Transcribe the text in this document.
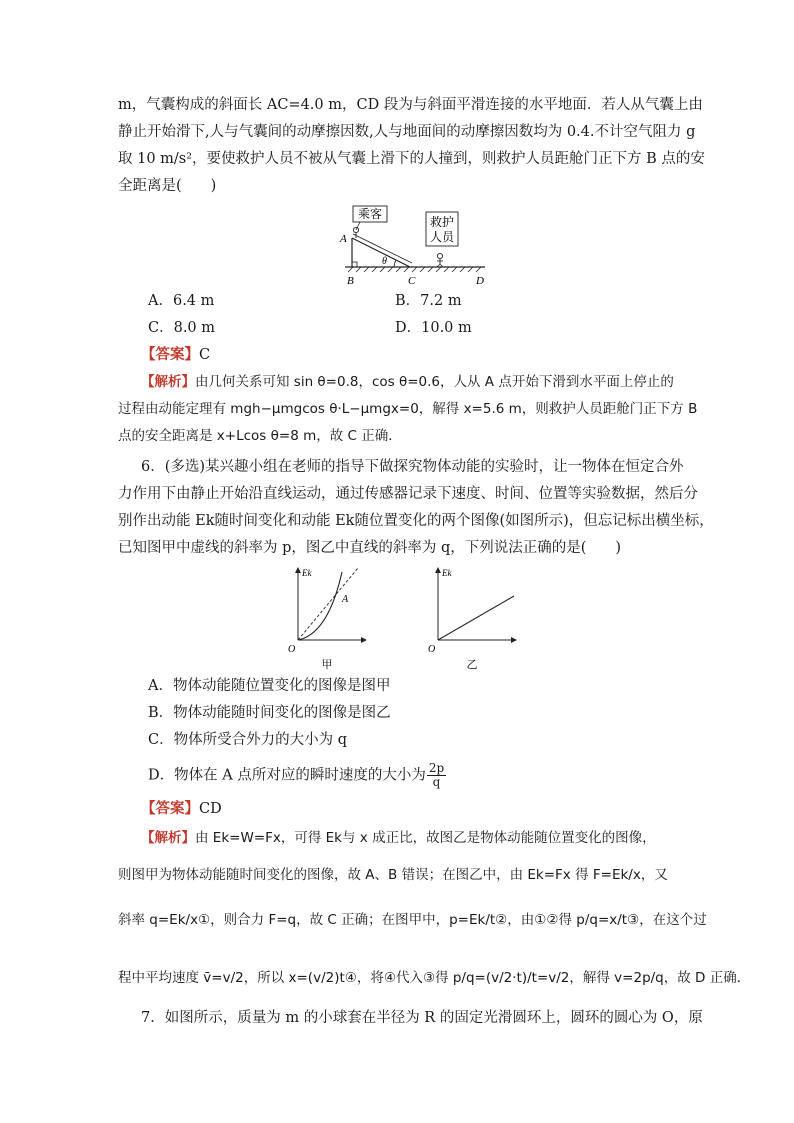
m，气囊构成的斜面长 AC=4.0 m，CD 段为与斜面平滑连接的水平地面．若人从气囊上由
静止开始滑下,人与气囊间的动摩擦因数,人与地面间的动摩擦因数均为 0.4.不计空气阻力 g
取 10 m/s²，要使救护人员不被从气囊上滑下的人撞到，则救护人员距舱门正下方 B 点的安
全距离是(　　)
乘客
救护
人员
θ
A
B	C	D
A．6.4 m	B．7.2 m
C．8.0 m	D．10.0 m
【答案】C
【解析】由几何关系可知 sin θ=0.8，cos θ=0.6，人从 A 点开始下滑到水平面上停止的
过程由动能定理有 mgh−μmgcos θ·L−μmgx=0，解得 x=5.6 m，则救护人员距舱门正下方 B
点的安全距离是 x+Lcos θ=8 m，故 C 正确．
6．(多选)某兴趣小组在老师的指导下做探究物体动能的实验时，让一物体在恒定合外
力作用下由静止开始沿直线运动，通过传感器记录下速度、时间、位置等实验数据，然后分
别作出动能 Ek随时间变化和动能 Ek随位置变化的两个图像(如图所示)，但忘记标出横坐标，
已知图甲中虚线的斜率为 p，图乙中直线的斜率为 q，下列说法正确的是(　　)
Ek
O
A
甲
Ek
O
乙
A．物体动能随位置变化的图像是图甲
B．物体动能随时间变化的图像是图乙
C．物体所受合外力的大小为 q
D．物体在 A 点所对应的瞬时速度的大小为 $\frac{2p}{q}$
【答案】CD
【解析】由 Ek=W=Fx，可得 Ek与 x 成正比，故图乙是物体动能随位置变化的图像，
则图甲为物体动能随时间变化的图像，故 A、B 错误；在图乙中，由 Ek=Fx 得 F=Ek/x，又
斜率 q=Ek/x①，则合力 F=q，故 C 正确；在图甲中，p=Ek/t②，由①②得 p/q=x/t③，在这个过
程中平均速度 v̄=v/2，所以 x=(v/2)t④，将④代入③得 p/q=(v/2·t)/t=v/2，解得 v=2p/q，故 D 正确．
7．如图所示，质量为 m 的小球套在半径为 R 的固定光滑圆环上，圆环的圆心为 O，原
